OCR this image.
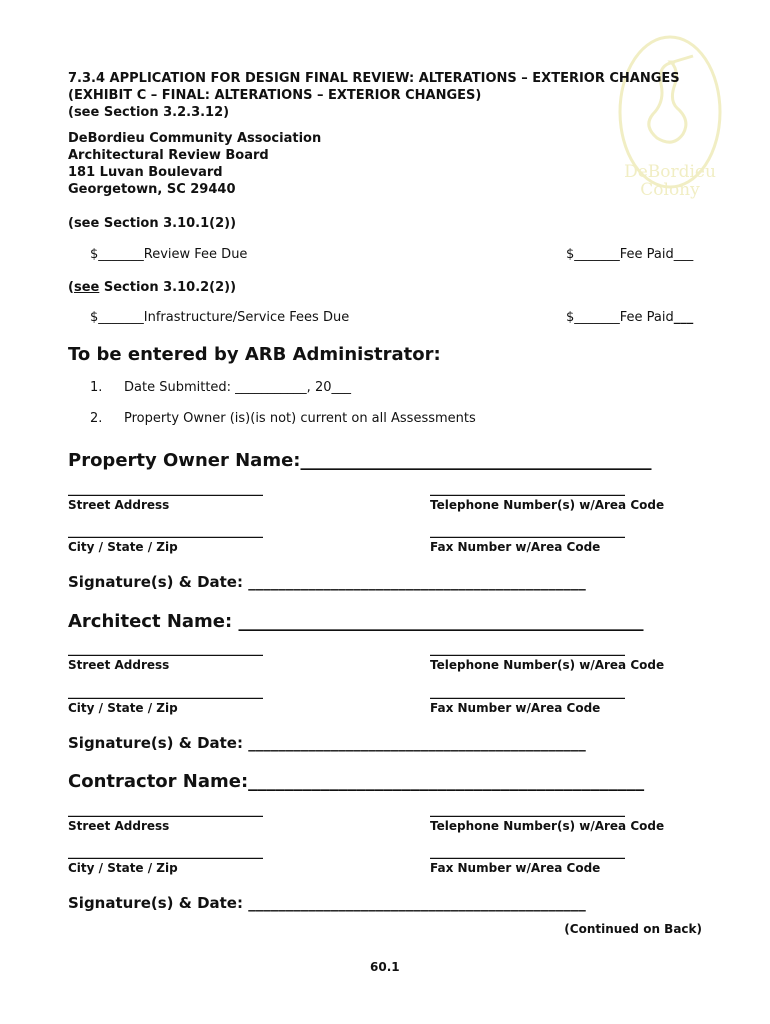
DeBordieu
Colony
7.3.4 APPLICATION FOR DESIGN FINAL REVIEW: ALTERATIONS – EXTERIOR CHANGES
(EXHIBIT C – FINAL: ALTERATIONS – EXTERIOR CHANGES)
(see Section 3.2.3.12)
DeBordieu Community Association
Architectural Review Board
181 Luvan Boulevard
Georgetown, SC 29440
(see Section 3.10.1(2))
$_______Review Fee Due	$_______Fee Paid___
(see Section 3.10.2(2))
$_______Infrastructure/Service Fees Due	$_______Fee Paid___
To be entered by ARB Administrator:
1. Date Submitted: ___________, 20___
2. Property Owner (is)(is not) current on all Assessments
Property Owner Name:_______________________________________
______________________________	______________________________
Street Address	Telephone Number(s) w/Area Code
______________________________	______________________________
City / State / Zip	Fax Number w/Area Code
Signature(s) & Date: _____________________________________________
Architect Name: _____________________________________________
______________________________	______________________________
Street Address	Telephone Number(s) w/Area Code
______________________________	______________________________
City / State / Zip	Fax Number w/Area Code
Signature(s) & Date: _____________________________________________
Contractor Name:____________________________________________
______________________________	______________________________
Street Address	Telephone Number(s) w/Area Code
______________________________	______________________________
City / State / Zip	Fax Number w/Area Code
Signature(s) & Date: _____________________________________________
(Continued on Back)
60.1
